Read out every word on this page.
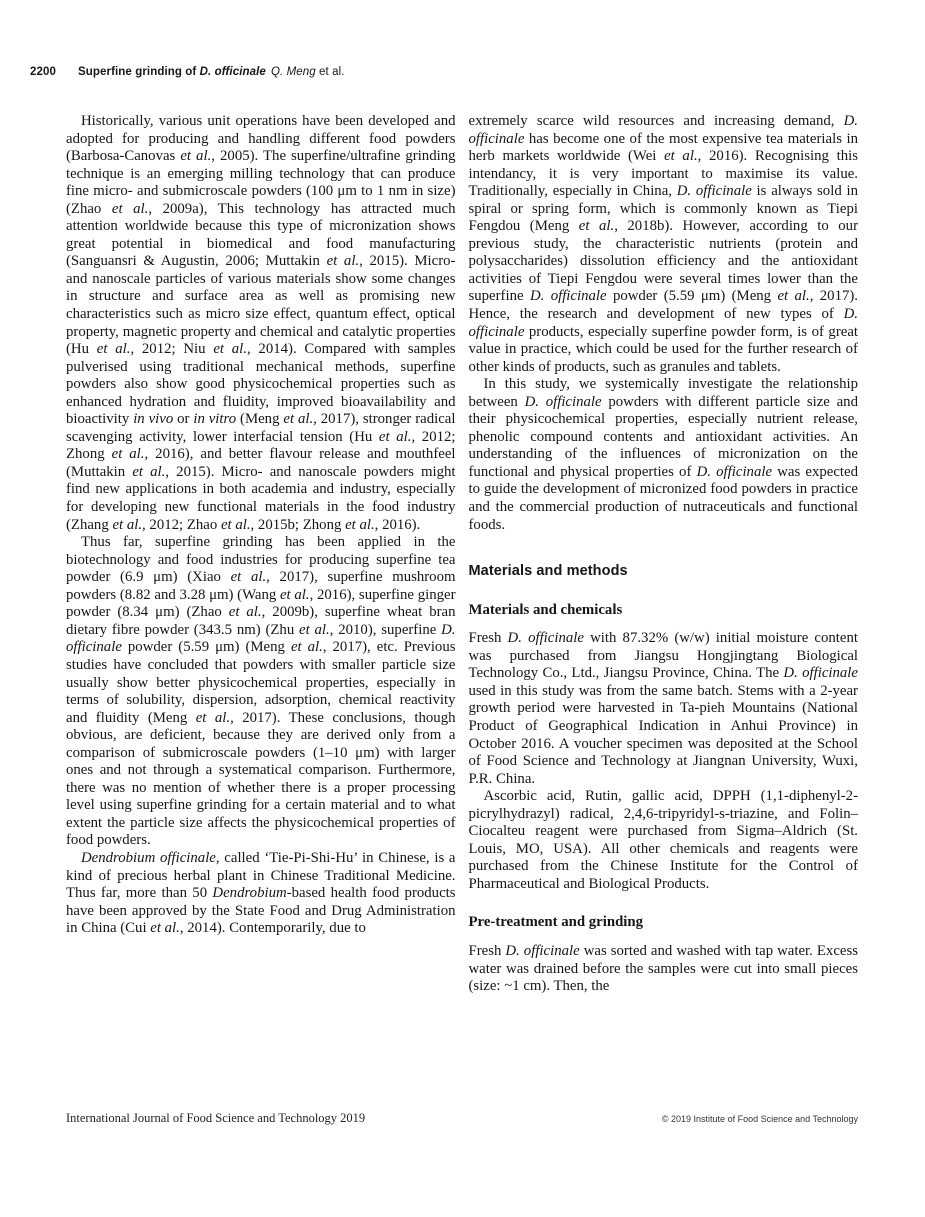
2200 Superfine grinding of D. officinale Q. Meng et al.

Historically, various unit operations have been developed and adopted for producing and handling different food powders (Barbosa-Canovas et al., 2005). The superfine/ultrafine grinding technique is an emerging milling technology that can produce fine micro- and submicroscale powders (100 μm to 1 nm in size) (Zhao et al., 2009a), This technology has attracted much attention worldwide because this type of micronization shows great potential in biomedical and food manufacturing (Sanguansri & Augustin, 2006; Muttakin et al., 2015). Micro- and nanoscale particles of various materials show some changes in structure and surface area as well as promising new characteristics such as micro size effect, quantum effect, optical property, magnetic property and chemical and catalytic properties (Hu et al., 2012; Niu et al., 2014). Compared with samples pulverised using traditional mechanical methods, superfine powders also show good physicochemical properties such as enhanced hydration and fluidity, improved bioavailability and bioactivity in vivo or in vitro (Meng et al., 2017), stronger radical scavenging activity, lower interfacial tension (Hu et al., 2012; Zhong et al., 2016), and better flavour release and mouthfeel (Muttakin et al., 2015). Micro- and nanoscale powders might find new applications in both academia and industry, especially for developing new functional materials in the food industry (Zhang et al., 2012; Zhao et al., 2015b; Zhong et al., 2016).

Thus far, superfine grinding has been applied in the biotechnology and food industries for producing superfine tea powder (6.9 μm) (Xiao et al., 2017), superfine mushroom powders (8.82 and 3.28 μm) (Wang et al., 2016), superfine ginger powder (8.34 μm) (Zhao et al., 2009b), superfine wheat bran dietary fibre powder (343.5 nm) (Zhu et al., 2010), superfine D. officinale powder (5.59 μm) (Meng et al., 2017), etc. Previous studies have concluded that powders with smaller particle size usually show better physicochemical properties, especially in terms of solubility, dispersion, adsorption, chemical reactivity and fluidity (Meng et al., 2017). These conclusions, though obvious, are deficient, because they are derived only from a comparison of submicroscale powders (1–10 μm) with larger ones and not through a systematical comparison. Furthermore, there was no mention of whether there is a proper processing level using superfine grinding for a certain material and to what extent the particle size affects the physicochemical properties of food powders.

Dendrobium officinale, called ‘Tie-Pi-Shi-Hu’ in Chinese, is a kind of precious herbal plant in Chinese Traditional Medicine. Thus far, more than 50 Dendrobium-based health food products have been approved by the State Food and Drug Administration in China (Cui et al., 2014). Contemporarily, due to

extremely scarce wild resources and increasing demand, D. officinale has become one of the most expensive tea materials in herb markets worldwide (Wei et al., 2016). Recognising this intendancy, it is very important to maximise its value. Traditionally, especially in China, D. officinale is always sold in spiral or spring form, which is commonly known as Tiepi Fengdou (Meng et al., 2018b). However, according to our previous study, the characteristic nutrients (protein and polysaccharides) dissolution efficiency and the antioxidant activities of Tiepi Fengdou were several times lower than the superfine D. officinale powder (5.59 μm) (Meng et al., 2017). Hence, the research and development of new types of D. officinale products, especially superfine powder form, is of great value in practice, which could be used for the further research of other kinds of products, such as granules and tablets.

In this study, we systemically investigate the relationship between D. officinale powders with different particle size and their physicochemical properties, especially nutrient release, phenolic compound contents and antioxidant activities. An understanding of the influences of micronization on the functional and physical properties of D. officinale was expected to guide the development of micronized food powders in practice and the commercial production of nutraceuticals and functional foods.

Materials and methods
Materials and chemicals

Fresh D. officinale with 87.32% (w/w) initial moisture content was purchased from Jiangsu Hongjingtang Biological Technology Co., Ltd., Jiangsu Province, China. The D. officinale used in this study was from the same batch. Stems with a 2-year growth period were harvested in Ta-pieh Mountains (National Product of Geographical Indication in Anhui Province) in October 2016. A voucher specimen was deposited at the School of Food Science and Technology at Jiangnan University, Wuxi, P.R. China.

Ascorbic acid, Rutin, gallic acid, DPPH (1,1-diphenyl-2-picrylhydrazyl) radical, 2,4,6-tripyridyl-s-triazine, and Folin–Ciocalteu reagent were purchased from Sigma–Aldrich (St. Louis, MO, USA). All other chemicals and reagents were purchased from the Chinese Institute for the Control of Pharmaceutical and Biological Products.

Pre-treatment and grinding

Fresh D. officinale was sorted and washed with tap water. Excess water was drained before the samples were cut into small pieces (size: ~1 cm). Then, the

International Journal of Food Science and Technology 2019	© 2019 Institute of Food Science and Technology
